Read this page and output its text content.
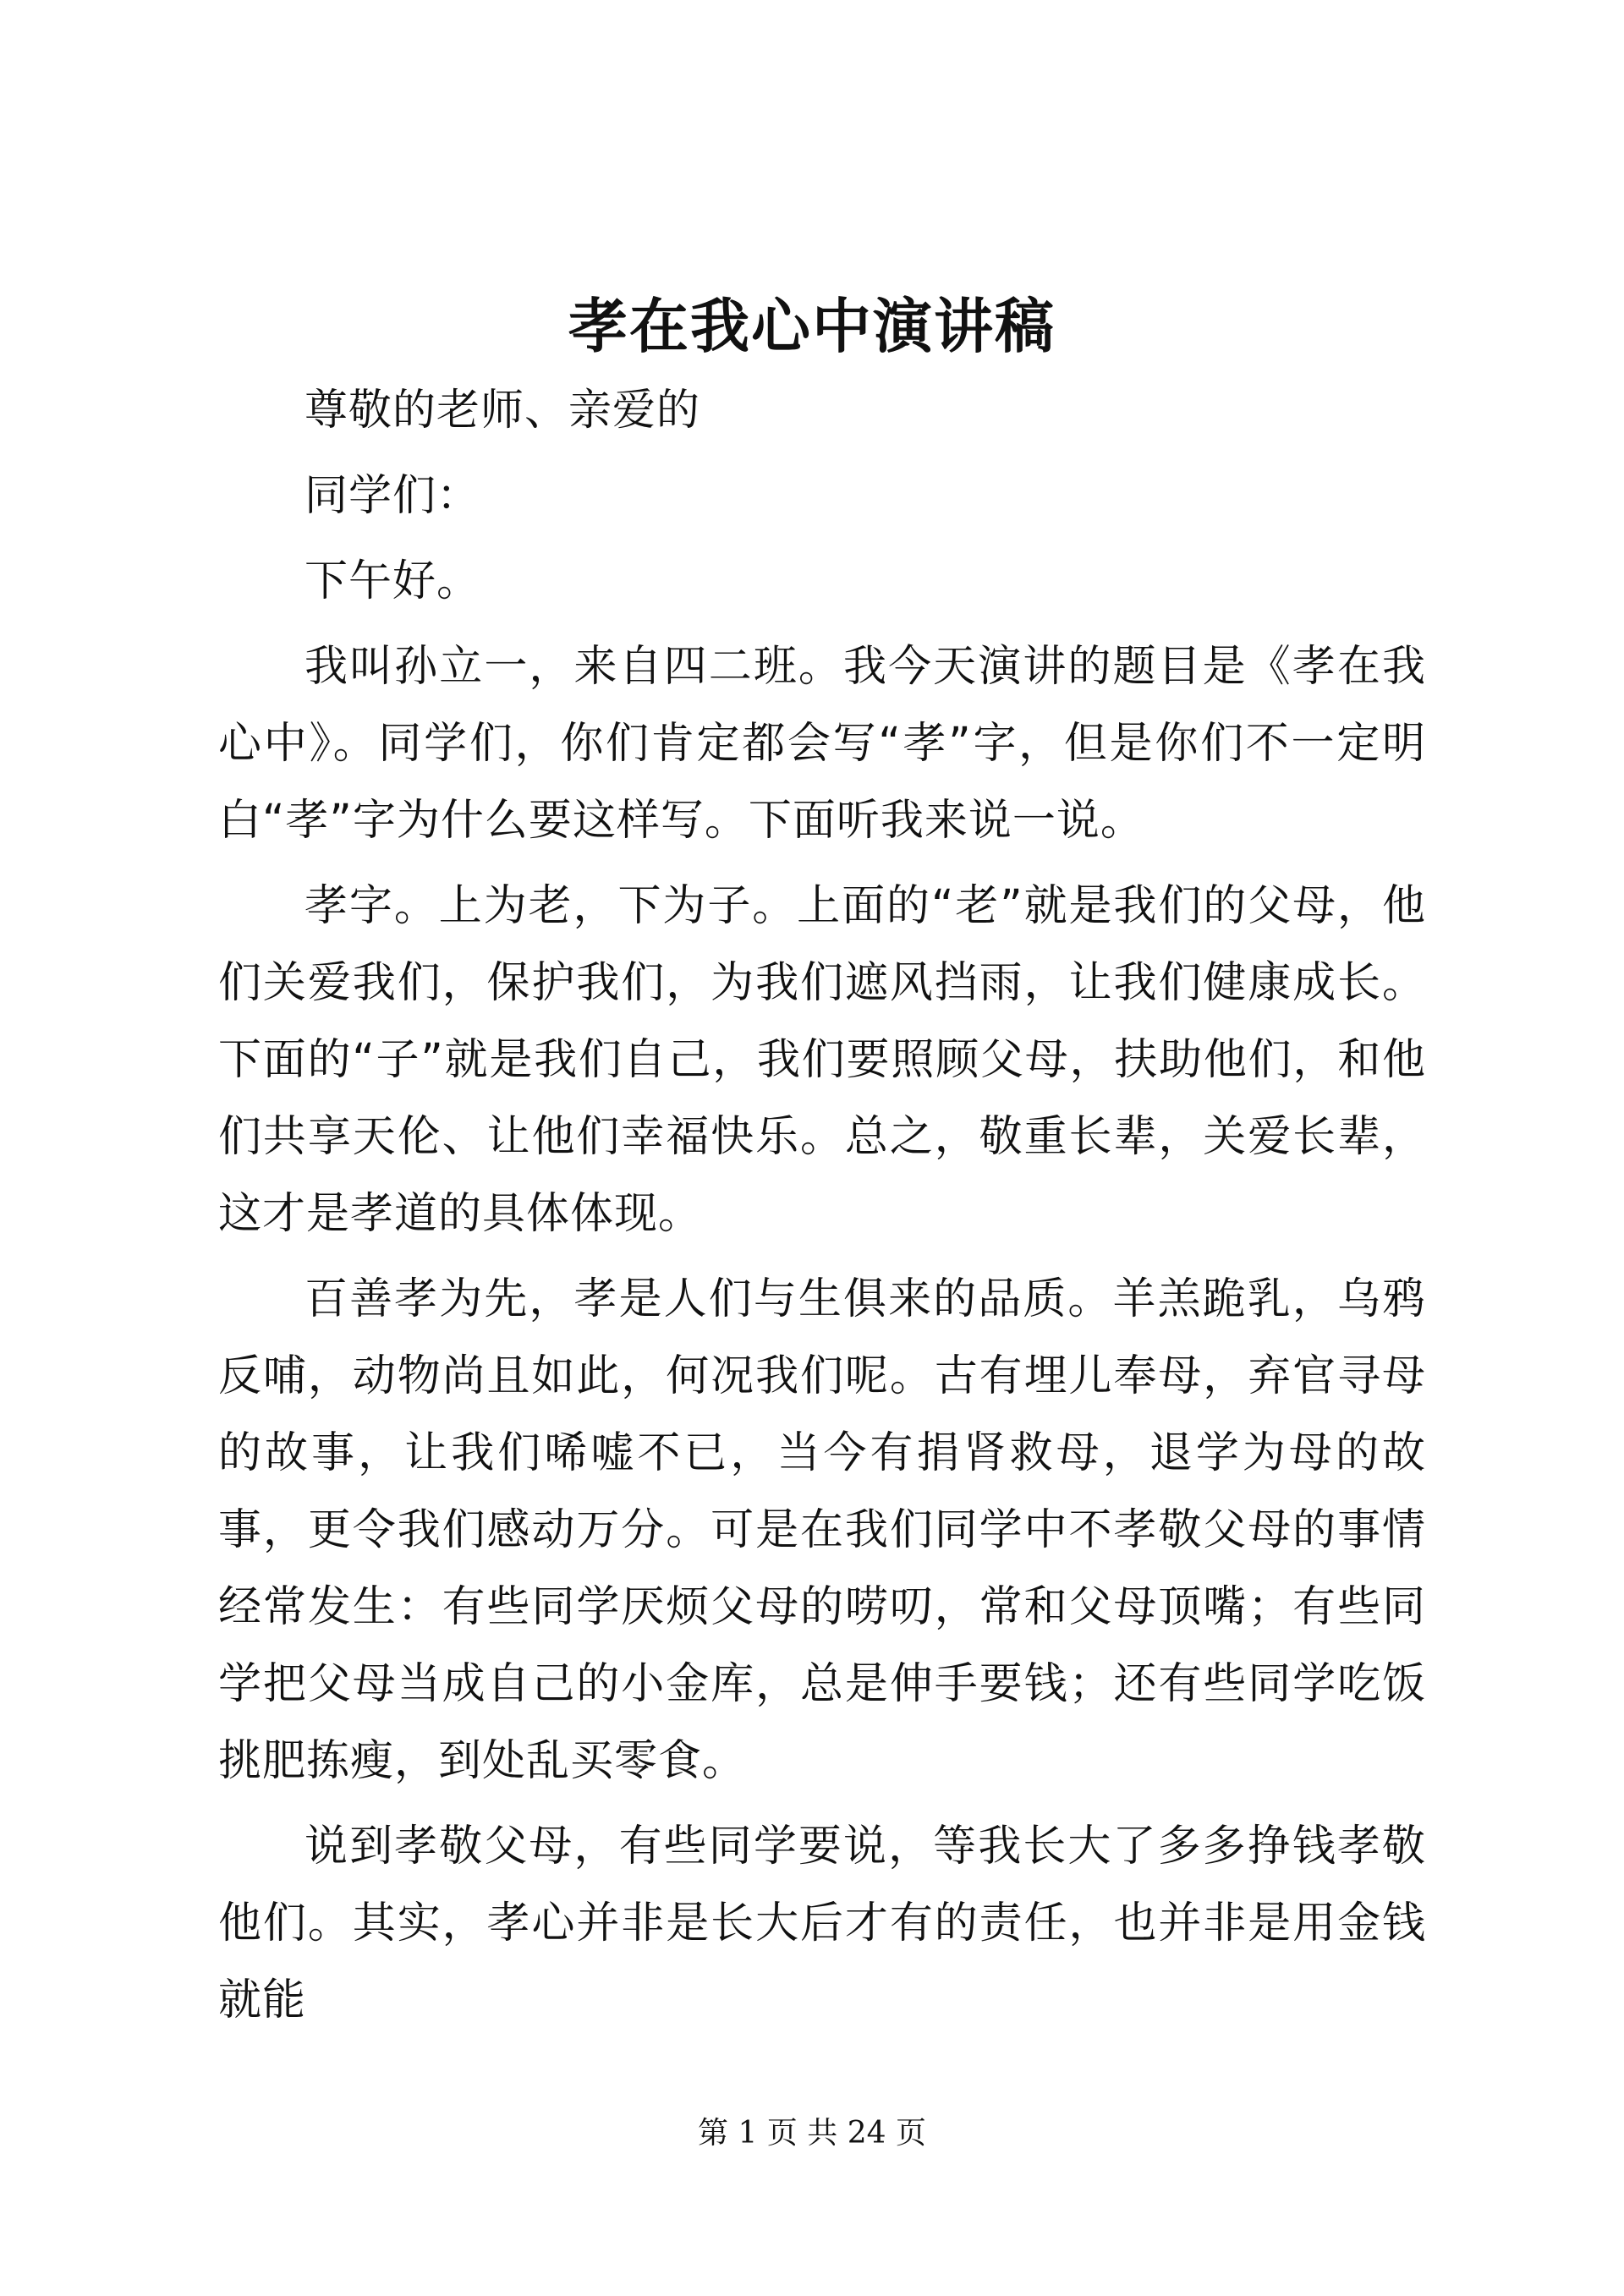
孝在我心中演讲稿

尊敬的老师、亲爱的

同学们：

下午好。

我叫孙立一，来自四二班。我今天演讲的题目是《孝在我心中》。同学们，你们肯定都会写“孝”字，但是你们不一定明白“孝”字为什么要这样写。下面听我来说一说。

孝字。上为老，下为子。上面的“老”就是我们的父母，他们关爱我们，保护我们，为我们遮风挡雨，让我们健康成长。下面的“子”就是我们自己，我们要照顾父母，扶助他们，和他们共享天伦、让他们幸福快乐。总之，敬重长辈，关爱长辈，这才是孝道的具体体现。

百善孝为先，孝是人们与生俱来的品质。羊羔跪乳，乌鸦反哺，动物尚且如此，何况我们呢。古有埋儿奉母，弃官寻母的故事，让我们唏嘘不已，当今有捐肾救母，退学为母的故事，更令我们感动万分。可是在我们同学中不孝敬父母的事情经常发生：有些同学厌烦父母的唠叨，常和父母顶嘴；有些同学把父母当成自己的小金库，总是伸手要钱；还有些同学吃饭挑肥拣瘦，到处乱买零食。

说到孝敬父母，有些同学要说，等我长大了多多挣钱孝敬他们。其实，孝心并非是长大后才有的责任，也并非是用金钱就能

第 1 页 共 24 页
